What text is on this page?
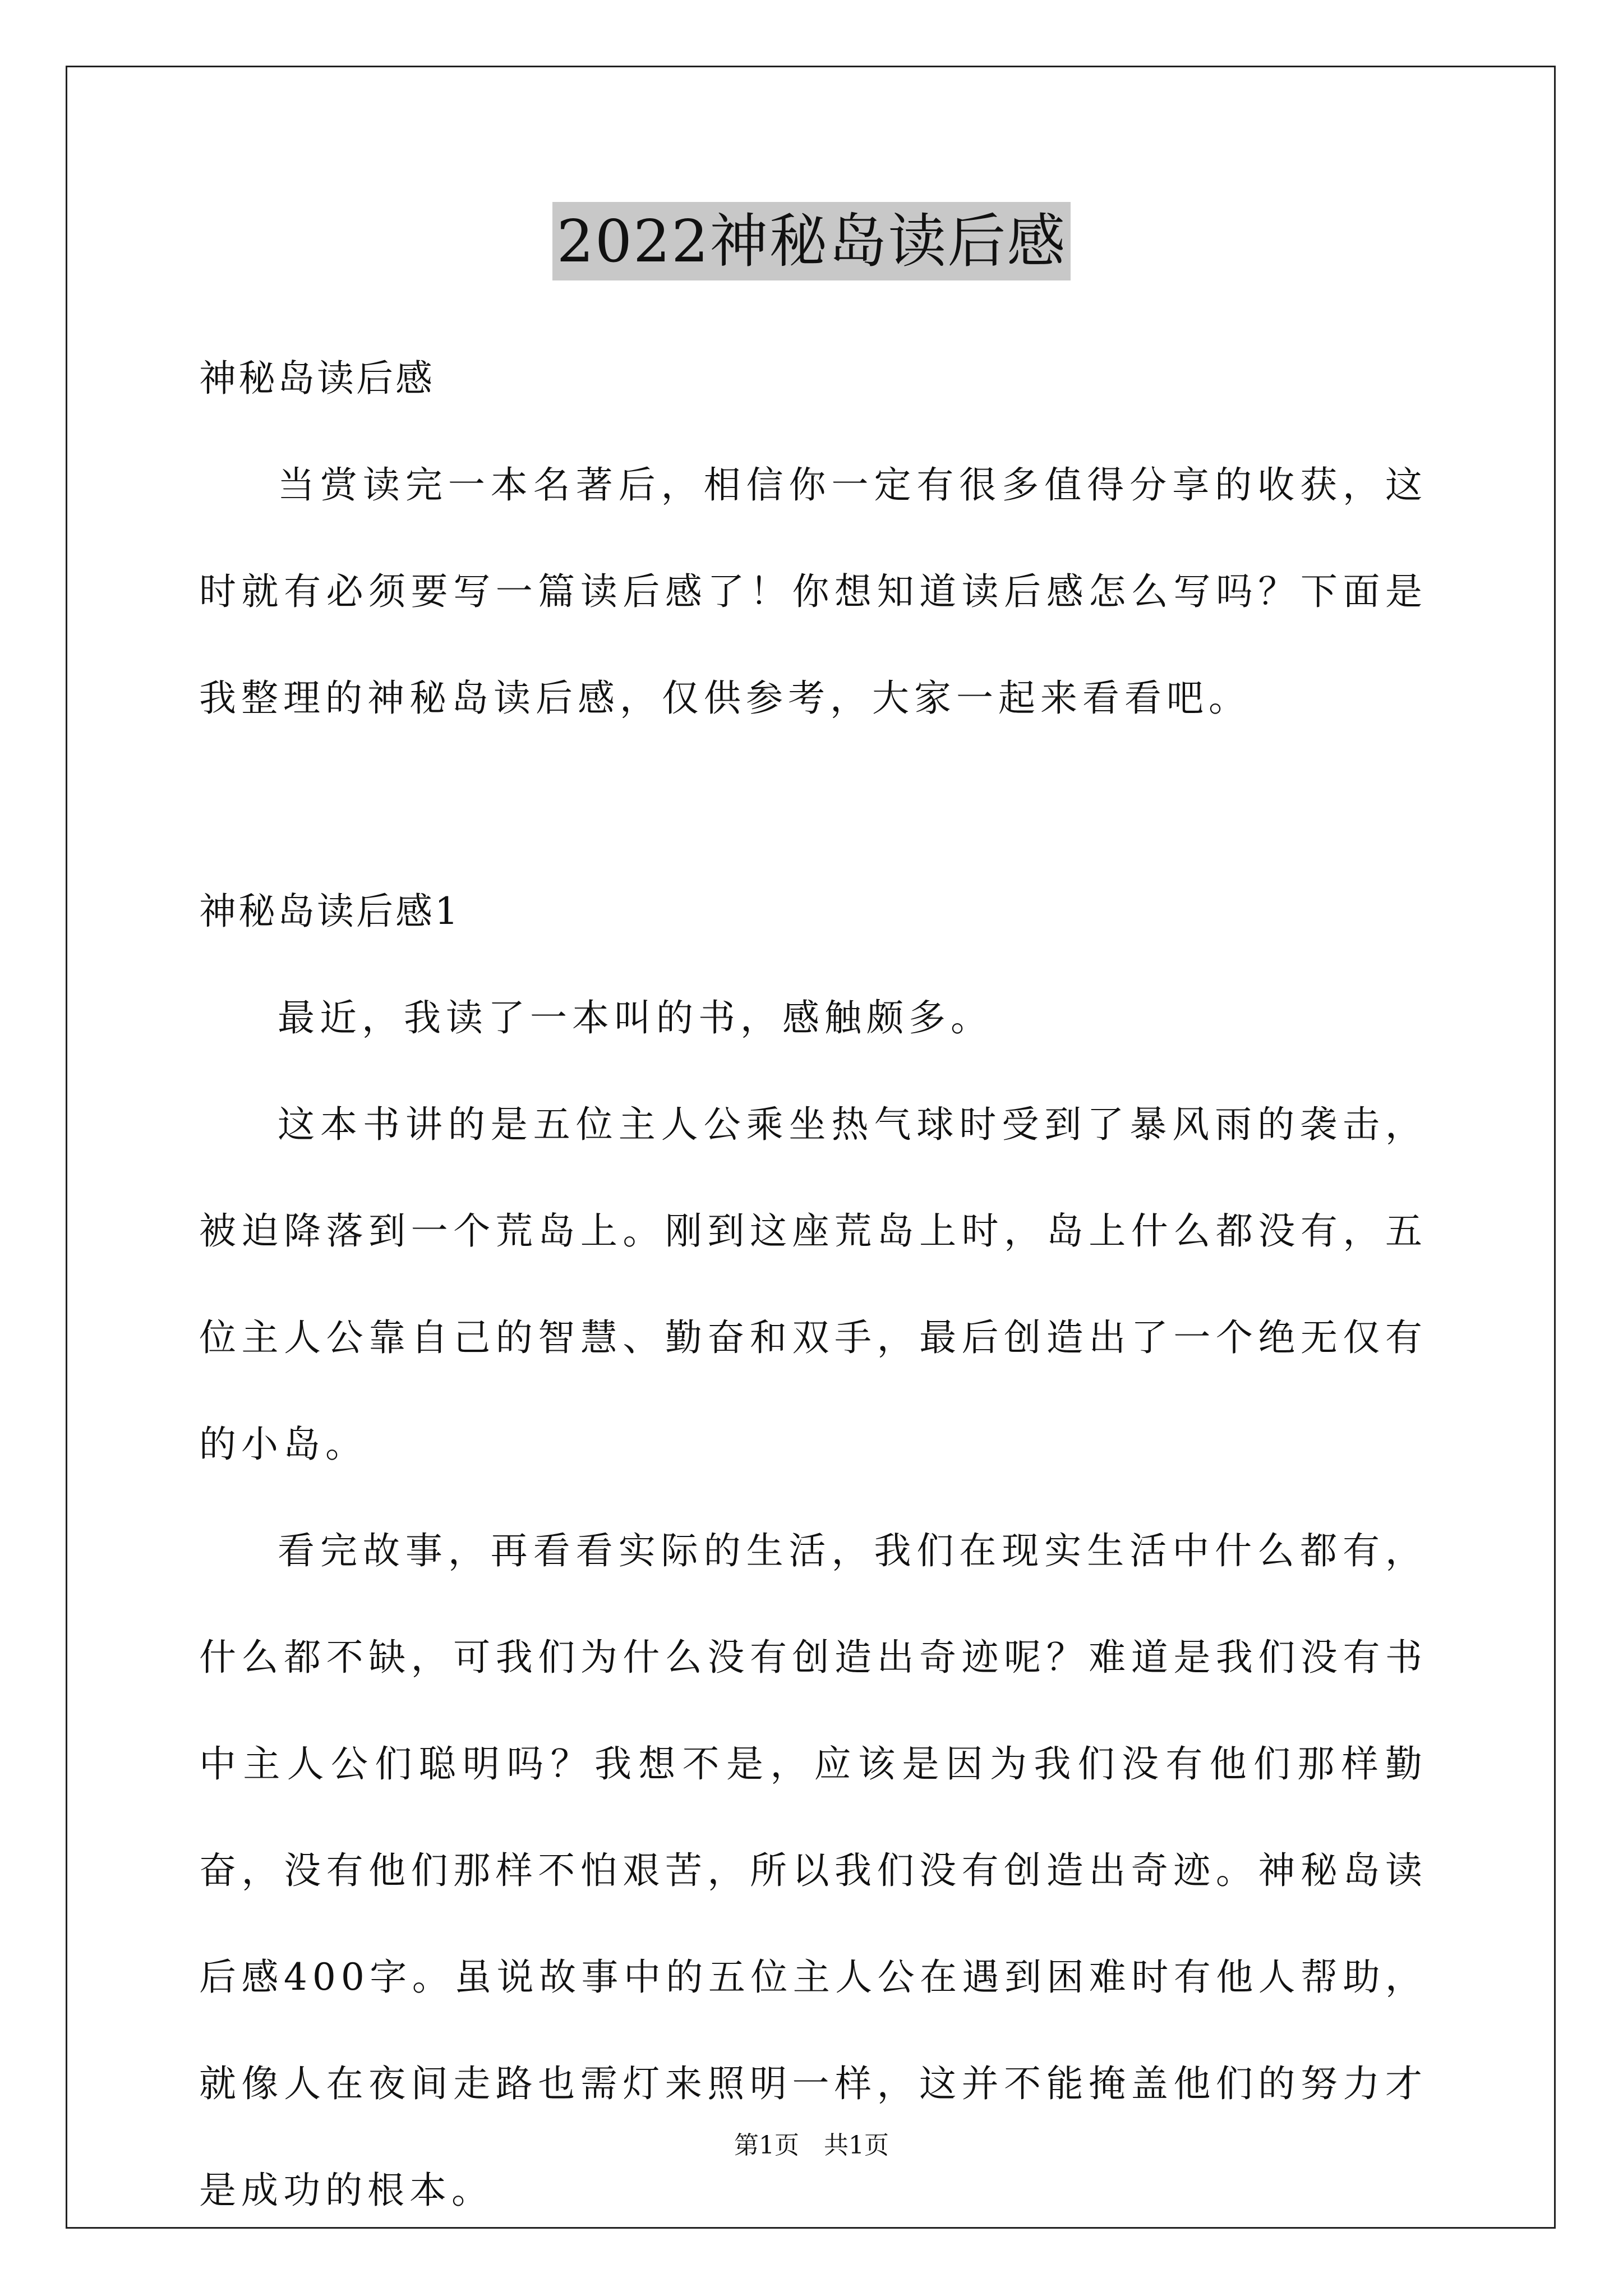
2022神秘岛读后感

神秘岛读后感

当赏读完一本名著后，相信你一定有很多值得分享的收获，这时就有必须要写一篇读后感了！你想知道读后感怎么写吗？下面是我整理的神秘岛读后感，仅供参考，大家一起来看看吧。

神秘岛读后感1

最近，我读了一本叫的书，感触颇多。

这本书讲的是五位主人公乘坐热气球时受到了暴风雨的袭击，被迫降落到一个荒岛上。刚到这座荒岛上时，岛上什么都没有，五位主人公靠自己的智慧、勤奋和双手，最后创造出了一个绝无仅有的小岛。

看完故事，再看看实际的生活，我们在现实生活中什么都有，什么都不缺，可我们为什么没有创造出奇迹呢？难道是我们没有书中主人公们聪明吗？我想不是，应该是因为我们没有他们那样勤奋，没有他们那样不怕艰苦，所以我们没有创造出奇迹。神秘岛读后感400字。虽说故事中的五位主人公在遇到困难时有他人帮助，就像人在夜间走路也需灯来照明一样，这并不能掩盖他们的努力才是成功的根本。

第1页　共1页
